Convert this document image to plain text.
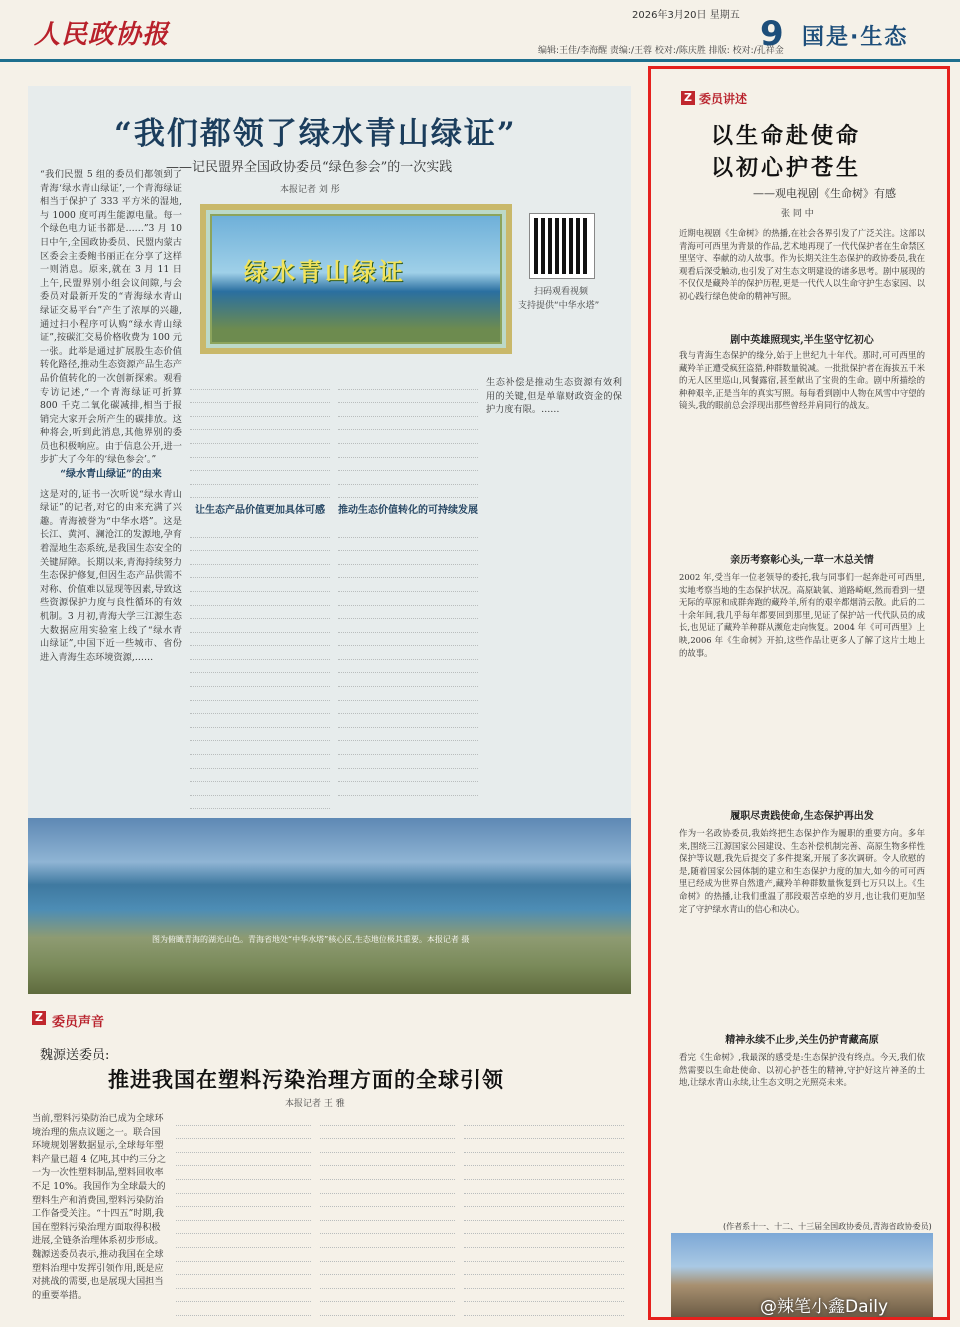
人民政协报
2026年3月20日 星期五
编辑:王佳/李海醒 责编:/王蓉 校对:/陈庆胜 排版: 校对:/孔祥金
9 国是·生态
“我们都领了绿水青山绿证”
——记民盟界全国政协委员“绿色参会”的一次实践
本报记者 刘 彤
绿水青山绿证
扫码观看视频
支持提供“中华水塔”
“我们民盟 5 组的委员们都领到了青海‘绿水青山绿证’,一个青海绿证相当于保护了 333 平方米的湿地,与 1000 度可再生能源电量。每一个绿色电力证书都是……”3 月 10 日中午,全国政协委员、民盟内蒙古区委会主委鲍书丽正在分享了这样一则消息。原来,就在 3 月 11 日上午,民盟界别小组会议间隙,与会委员对最新开发的“青海绿水青山绿证交易平台”产生了浓厚的兴趣,通过扫小程序可认购“绿水青山绿证”,按碳汇交易价格收费为 100 元一张。此举是通过扩展股生态价值转化路径,推动生态资源产品生态产品价值转化的一次创新探索。观看专访记述,“一个青海绿证可折算 800 千克二氧化碳减排,相当于报销完大家开会所产生的碳排放。这种将会,听到此消息,其他界别的委员也积极响应。由于信息公开,进一步扩大了今年的‘绿色参会’。”
“绿水青山绿证”的由来
这是对的,证书一次听说“绿水青山绿证”的记者,对它的由来充满了兴趣。青海被誉为“中华水塔”。这是长江、黄河、澜沧江的发源地,孕育着湿地生态系统,是我国生态安全的关键屏障。长期以来,青海持续努力生态保护修复,但因生态产品供需不对称、价值难以显现等因素,导致这些资源保护力度与良性循环的有效机制。3 月初,青海大学三江源生态大数据应用实验室上线了“绿水青山绿证”,中国下近一些城市、省份进入青海生态环境资源,……
让生态产品价值更加具体可感	推动生态价值转化的可持续发展
生态补偿是推动生态资源有效利用的关键,但是单靠财政资金的保护力度有限。……
图为俯瞰青海的湖光山色。青海省地处“中华水塔”核心区,生态地位极其重要。本报记者 摄
Z 委员声音
魏源送委员:
推进我国在塑料污染治理方面的全球引领
本报记者 王 雅
当前,塑料污染防治已成为全球环境治理的焦点议题之一。联合国环境规划署数据显示,全球每年塑料产量已超 4 亿吨,其中约三分之一为一次性塑料制品,塑料回收率不足 10%。我国作为全球最大的塑料生产和消费国,塑料污染防治工作备受关注。“十四五”时期,我国在塑料污染治理方面取得积极进展,全链条治理体系初步形成。魏源送委员表示,推动我国在全球塑料治理中发挥引领作用,既是应对挑战的需要,也是展现大国担当的重要举措。
Z 委员讲述
以生命赴使命
以初心护苍生
——观电视剧《生命树》有感
张 同 中
近期电视剧《生命树》的热播,在社会各界引发了广泛关注。这部以青海可可西里为背景的作品,艺术地再现了一代代保护者在生命禁区里坚守、奉献的动人故事。作为长期关注生态保护的政协委员,我在观看后深受触动,也引发了对生态文明建设的诸多思考。剧中展现的不仅仅是藏羚羊的保护历程,更是一代代人以生命守护生态家园、以初心践行绿色使命的精神写照。
剧中英雄照现实,半生坚守忆初心
我与青海生态保护的缘分,始于上世纪九十年代。那时,可可西里的藏羚羊正遭受疯狂盗猎,种群数量锐减。一批批保护者在海拔五千米的无人区里巡山,风餐露宿,甚至献出了宝贵的生命。剧中所描绘的种种艰辛,正是当年的真实写照。每每看到剧中人物在风雪中守望的镜头,我的眼前总会浮现出那些曾经并肩同行的战友。
亲历考察彰心头,一草一木总关情
2002 年,受当年一位老领导的委托,我与同事们一起奔赴可可西里,实地考察当地的生态保护状况。高原缺氧、道路崎岖,然而看到一望无际的草原和成群奔跑的藏羚羊,所有的艰辛都烟消云散。此后的二十余年间,我几乎每年都要回到那里,见证了保护站一代代队员的成长,也见证了藏羚羊种群从濒危走向恢复。2004 年《可可西里》上映,2006 年《生命树》开拍,这些作品让更多人了解了这片土地上的故事。
履职尽责践使命,生态保护再出发
作为一名政协委员,我始终把生态保护作为履职的重要方向。多年来,围绕三江源国家公园建设、生态补偿机制完善、高原生物多样性保护等议题,我先后提交了多件提案,开展了多次调研。令人欣慰的是,随着国家公园体制的建立和生态保护力度的加大,如今的可可西里已经成为世界自然遗产,藏羚羊种群数量恢复到七万只以上。《生命树》的热播,让我们重温了那段艰苦卓绝的岁月,也让我们更加坚定了守护绿水青山的信心和决心。
精神永续不止步,关生仍护青藏高原
看完《生命树》,我最深的感受是:生态保护没有终点。今天,我们依然需要以生命赴使命、以初心护苍生的精神,守护好这片神圣的土地,让绿水青山永续,让生态文明之光照亮未来。
(作者系十一、十二、十三届全国政协委员,青海省政协委员)
@辣笔小鑫Daily
